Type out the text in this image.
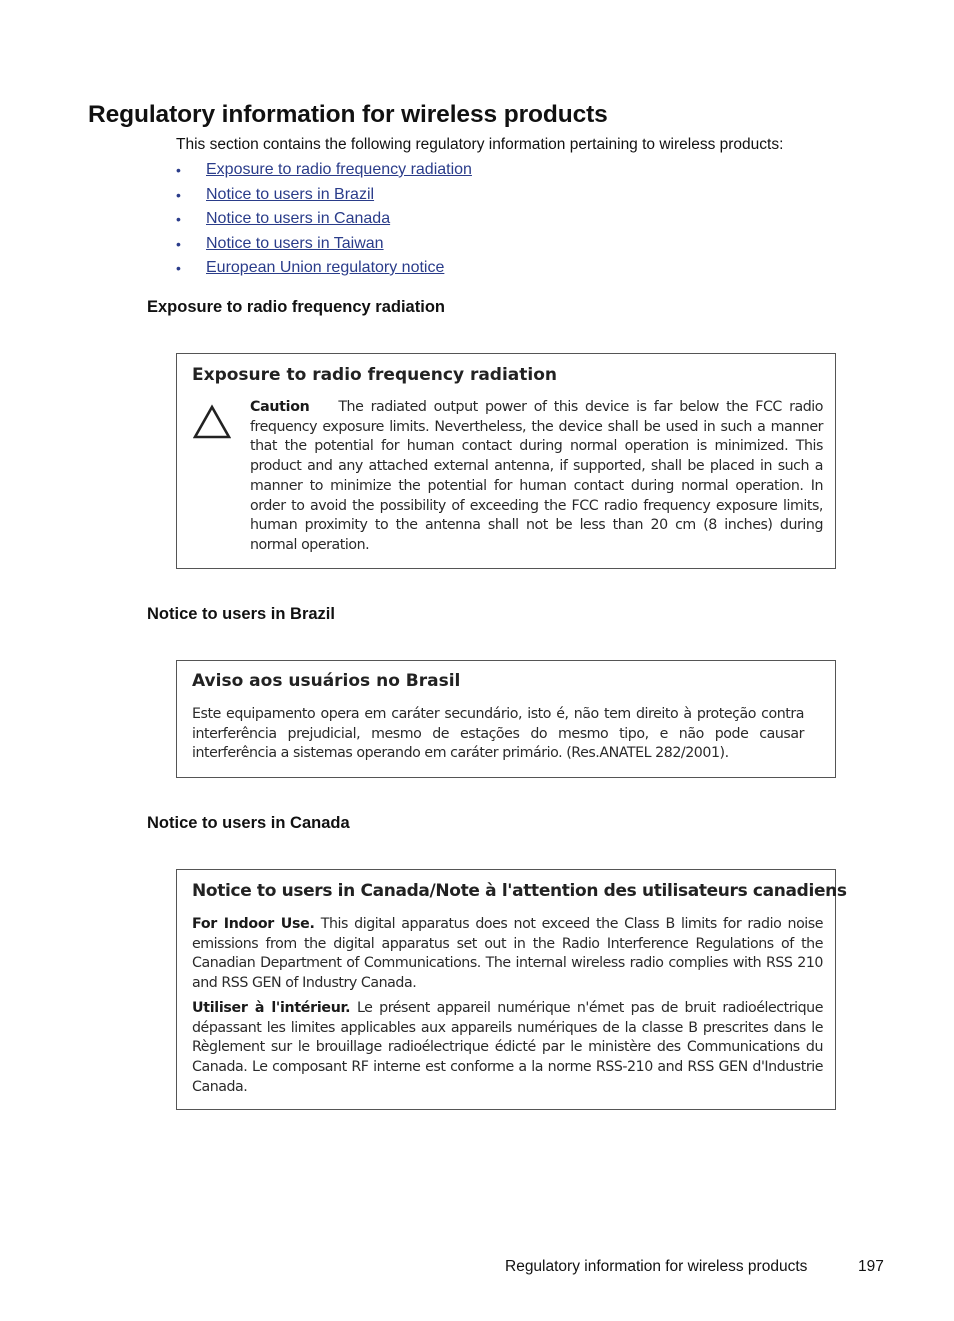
Regulatory information for wireless products

This section contains the following regulatory information pertaining to wireless products:

• Exposure to radio frequency radiation
• Notice to users in Brazil
• Notice to users in Canada
• Notice to users in Taiwan
• European Union regulatory notice
Exposure to radio frequency radiation
Exposure to radio frequency radiation

Caution The radiated output power of this device is far below the FCC radio frequency exposure limits. Nevertheless, the device shall be used in such a manner that the potential for human contact during normal operation is minimized. This product and any attached external antenna, if supported, shall be placed in such a manner to minimize the potential for human contact during normal operation. In order to avoid the possibility of exceeding the FCC radio frequency exposure limits, human proximity to the antenna shall not be less than 20 cm (8 inches) during normal operation.

Notice to users in Brazil
Aviso aos usuários no Brasil

Este equipamento opera em caráter secundário, isto é, não tem direito à proteção contra interferência prejudicial, mesmo de estações do mesmo tipo, e não pode causar interferência a sistemas operando em caráter primário. (Res.ANATEL 282/2001).

Notice to users in Canada
Notice to users in Canada/Note à l'attention des utilisateurs canadiens

For Indoor Use. This digital apparatus does not exceed the Class B limits for radio noise emissions from the digital apparatus set out in the Radio Interference Regulations of the Canadian Department of Communications. The internal wireless radio complies with RSS 210 and RSS GEN of Industry Canada.

Utiliser à l'intérieur. Le présent appareil numérique n'émet pas de bruit radioélectrique dépassant les limites applicables aux appareils numériques de la classe B prescrites dans le Règlement sur le brouillage radioélectrique édicté par le ministère des Communications du Canada. Le composant RF interne est conforme a la norme RSS-210 and RSS GEN d'Industrie Canada.

Regulatory information for wireless products	197
